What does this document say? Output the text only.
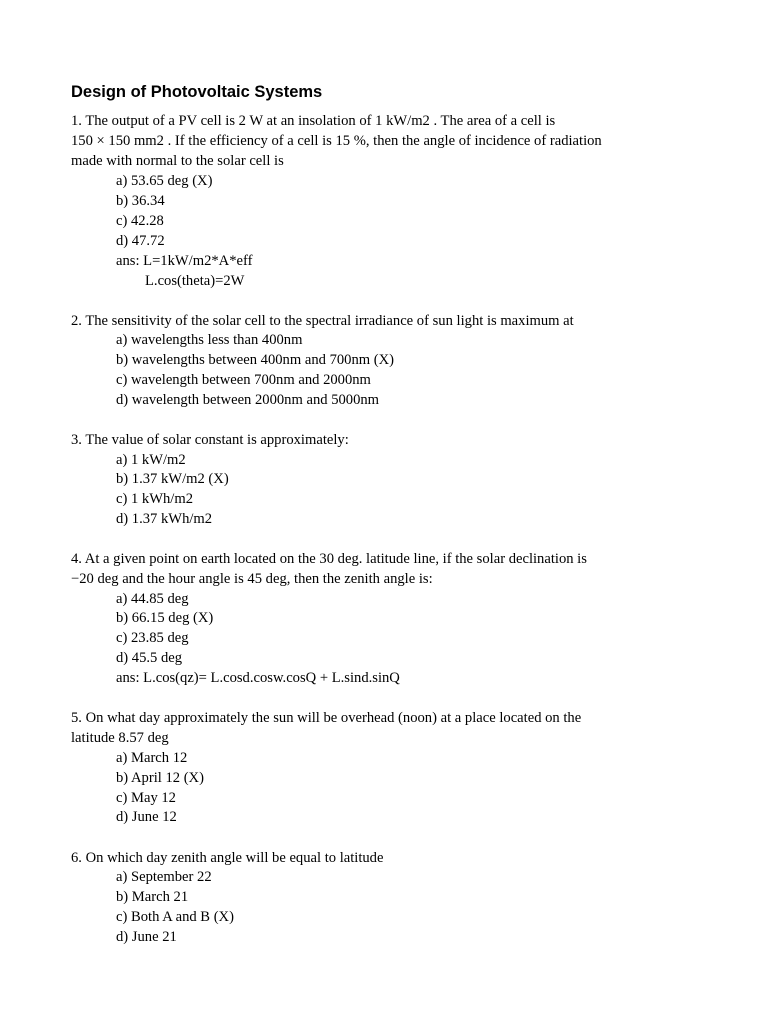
Design of Photovoltaic Systems
1. The output of a PV cell is 2 W at an insolation of 1 kW/m2 . The area of a cell is
150 × 150 mm2 . If the efficiency of a cell is 15 %, then the angle of incidence of radiation
made with normal to the solar cell is
a) 53.65 deg (X)
b) 36.34
c) 42.28
d) 47.72
ans: L=1kW/m2*A*eff
L.cos(theta)=2W
2. The sensitivity of the solar cell to the spectral irradiance of sun light is maximum at
a) wavelengths less than 400nm
b) wavelengths between 400nm and 700nm (X)
c) wavelength between 700nm and 2000nm
d) wavelength between 2000nm and 5000nm
3. The value of solar constant is approximately:
a) 1 kW/m2
b) 1.37 kW/m2 (X)
c) 1 kWh/m2
d) 1.37 kWh/m2
4. At a given point on earth located on the 30 deg. latitude line, if the solar declination is
−20 deg and the hour angle is 45 deg, then the zenith angle is:
a) 44.85 deg
b) 66.15 deg (X)
c) 23.85 deg
d) 45.5 deg
ans: L.cos(qz)= L.cosd.cosw.cosQ + L.sind.sinQ
5. On what day approximately the sun will be overhead (noon) at a place located on the
latitude 8.57 deg
a) March 12
b) April 12 (X)
c) May 12
d) June 12
6. On which day zenith angle will be equal to latitude
a) September 22
b) March 21
c) Both A and B (X)
d) June 21
